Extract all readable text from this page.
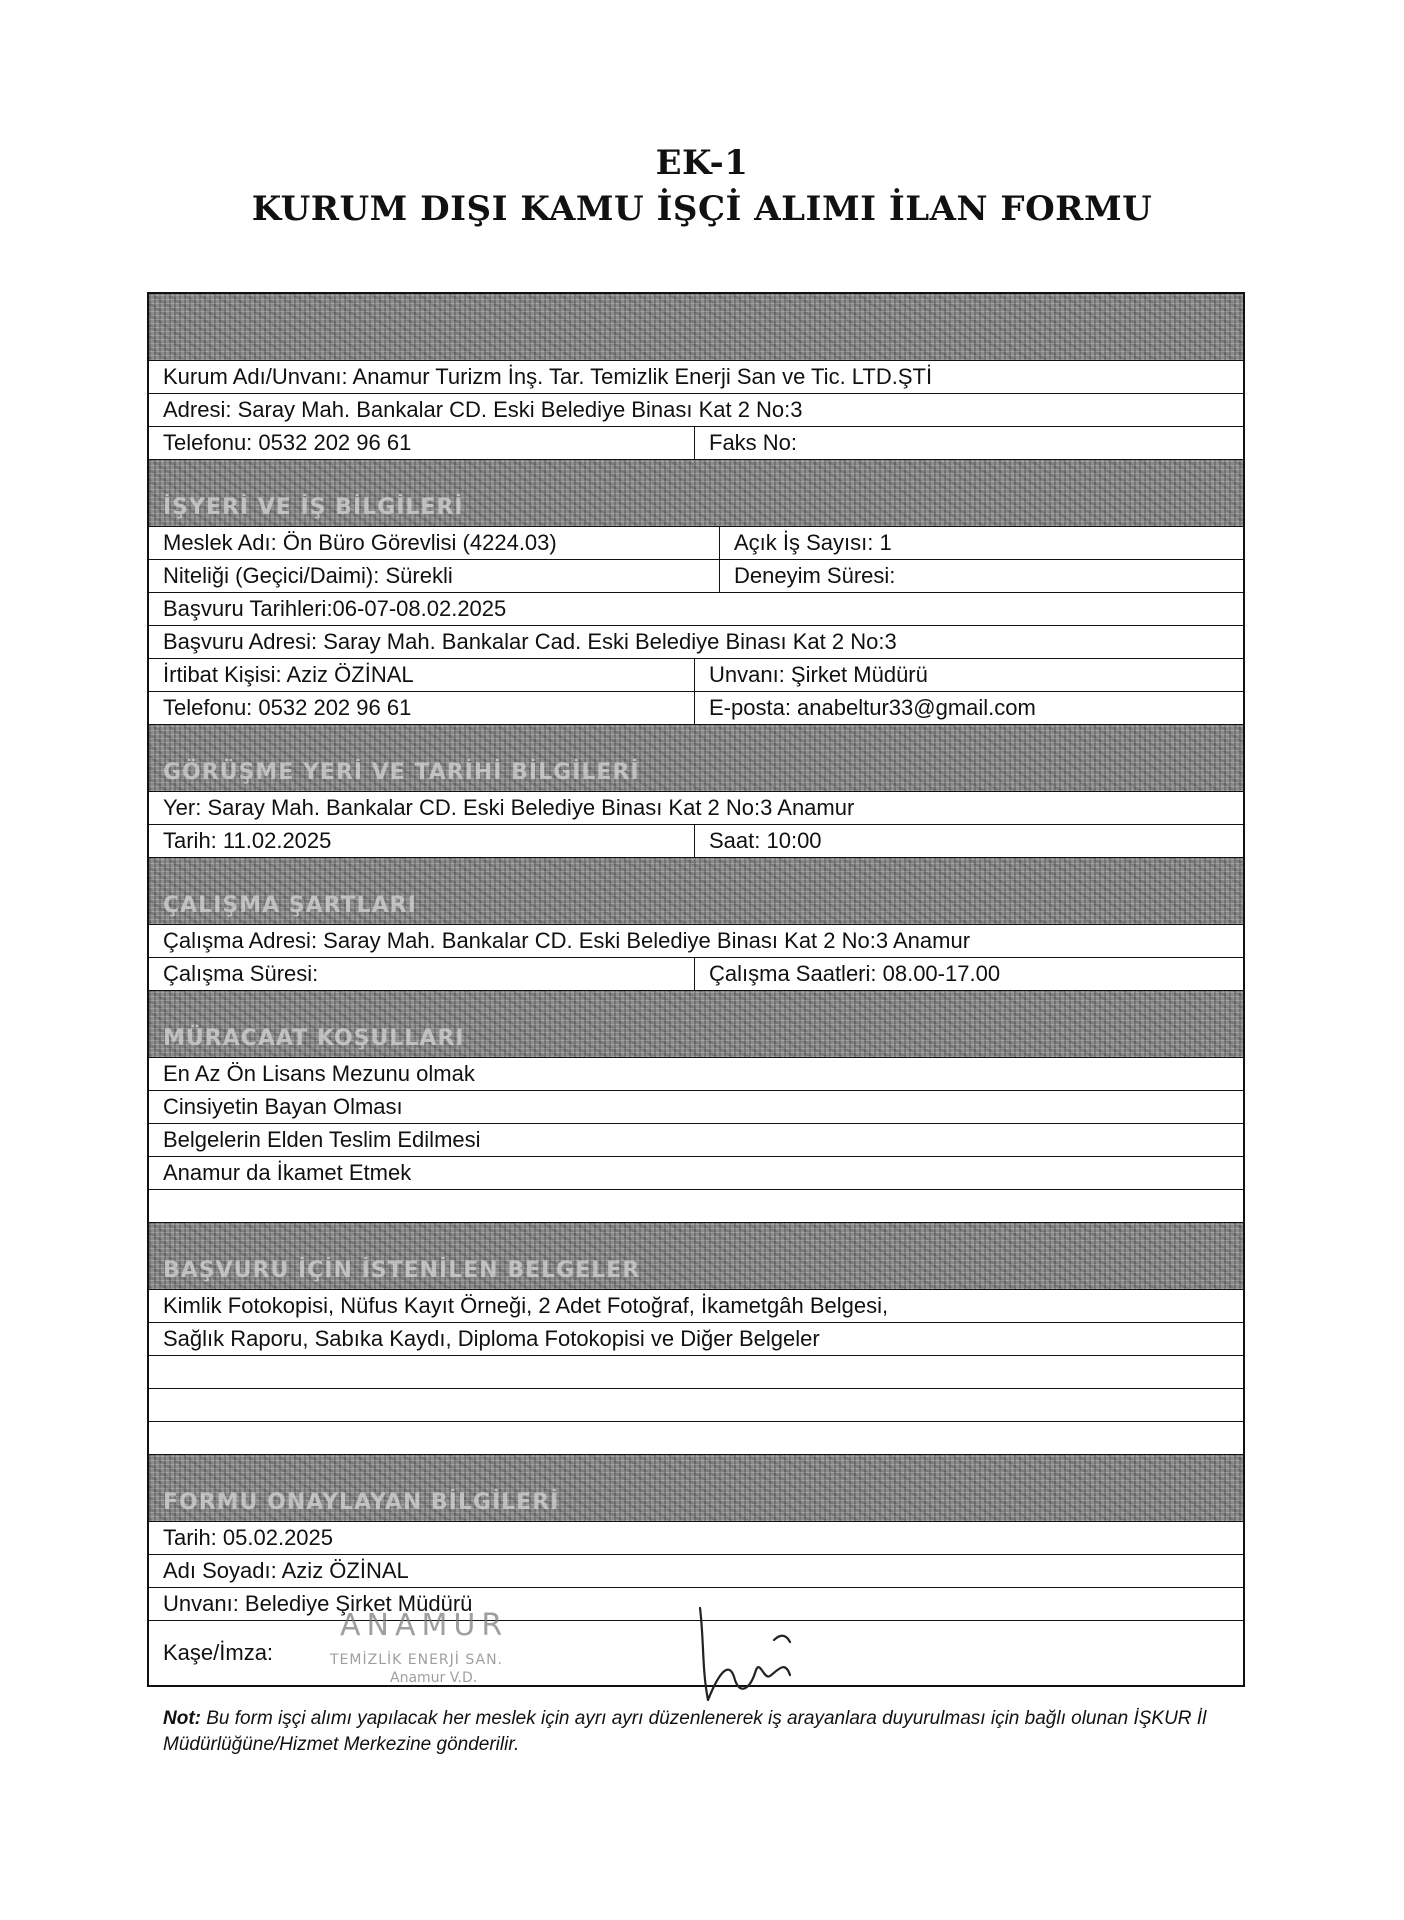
EK-1
KURUM DIŞI KAMU İŞÇİ ALIMI İLAN FORMU
Kurum Adı/Unvanı: Anamur Turizm İnş. Tar. Temizlik Enerji San ve Tic. LTD.ŞTİ
Adresi: Saray Mah. Bankalar CD. Eski Belediye Binası Kat 2 No:3
Telefonu: 0532 202 96 61	Faks No:
İŞYERİ VE İŞ BİLGİLERİ
Meslek Adı: Ön Büro Görevlisi (4224.03)	Açık İş Sayısı: 1
Niteliği (Geçici/Daimi): Sürekli	Deneyim Süresi:
Başvuru Tarihleri:06-07-08.02.2025
Başvuru Adresi: Saray Mah. Bankalar Cad. Eski Belediye Binası Kat 2 No:3
İrtibat Kişisi: Aziz ÖZİNAL	Unvanı: Şirket Müdürü
Telefonu: 0532 202 96 61	E-posta: anabeltur33@gmail.com
GÖRÜŞME YERİ VE TARİHİ BİLGİLERİ
Yer: Saray Mah. Bankalar CD. Eski Belediye Binası Kat 2 No:3 Anamur
Tarih: 11.02.2025	Saat: 10:00
ÇALIŞMA ŞARTLARI
Çalışma Adresi: Saray Mah. Bankalar CD. Eski Belediye Binası Kat 2 No:3 Anamur
Çalışma Süresi:	Çalışma Saatleri: 08.00-17.00
MÜRACAAT KOŞULLARI
En Az Ön Lisans Mezunu olmak
Cinsiyetin Bayan Olması
Belgelerin Elden Teslim Edilmesi
Anamur da İkamet Etmek
BAŞVURU İÇİN İSTENİLEN BELGELER
Kimlik Fotokopisi, Nüfus Kayıt Örneği, 2 Adet Fotoğraf, İkametgâh Belgesi,
Sağlık Raporu, Sabıka Kaydı, Diploma Fotokopisi ve Diğer Belgeler
FORMU ONAYLAYAN BİLGİLERİ
Tarih: 05.02.2025
Adı Soyadı: Aziz ÖZİNAL
Unvanı: Belediye Şirket Müdürü
Kaşe/İmza:
ANAMUR
TEMİZLİK ENERJİ SAN.
Anamur V.D.
Not: Bu form işçi alımı yapılacak her meslek için ayrı ayrı düzenlenerek iş arayanlara duyurulması için bağlı olunan İŞKUR İl Müdürlüğüne/Hizmet Merkezine gönderilir.
